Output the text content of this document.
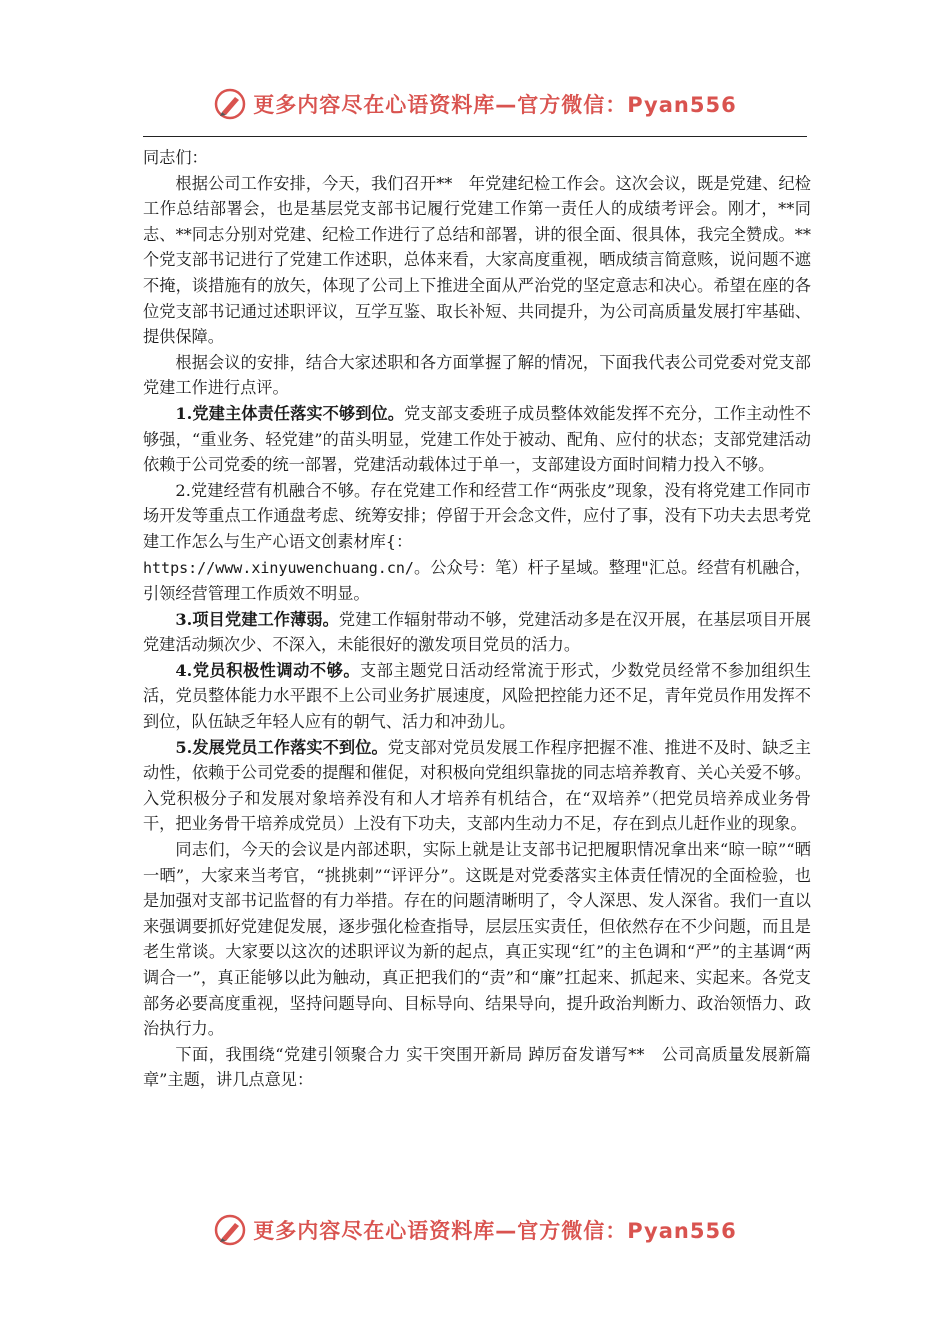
更多内容尽在心语资料库—官方微信：Pyan556

同志们：

根据公司工作安排，今天，我们召开**　年党建纪检工作会。这次会议，既是党建、纪检工作总结部署会，也是基层党支部书记履行党建工作第一责任人的成绩考评会。刚才，**同志、**同志分别对党建、纪检工作进行了总结和部署，讲的很全面、很具体，我完全赞成。**个党支部书记进行了党建工作述职，总体来看，大家高度重视，晒成绩言简意赅，说问题不遮不掩，谈措施有的放矢，体现了公司上下推进全面从严治党的坚定意志和决心。希望在座的各位党支部书记通过述职评议，互学互鉴、取长补短、共同提升，为公司高质量发展打牢基础、提供保障。

根据会议的安排，结合大家述职和各方面掌握了解的情况，下面我代表公司党委对党支部党建工作进行点评。

1.党建主体责任落实不够到位。党支部支委班子成员整体效能发挥不充分，工作主动性不够强，“重业务、轻党建”的苗头明显，党建工作处于被动、配角、应付的状态；支部党建活动依赖于公司党委的统一部署，党建活动载体过于单一，支部建设方面时间精力投入不够。

2.党建经营有机融合不够。存在党建工作和经营工作“两张皮”现象，没有将党建工作同市场开发等重点工作通盘考虑、统筹安排；停留于开会念文件，应付了事，没有下功夫去思考党建工作怎么与生产心语文创素材库{：
https://www.xinyuwenchuang.cn/。公众号：笔）杆子星域。整理"汇总。经营有机融合，引领经营管理工作质效不明显。

3.项目党建工作薄弱。党建工作辐射带动不够，党建活动多是在汉开展，在基层项目开展党建活动频次少、不深入，未能很好的激发项目党员的活力。

4.党员积极性调动不够。支部主题党日活动经常流于形式，少数党员经常不参加组织生活，党员整体能力水平跟不上公司业务扩展速度，风险把控能力还不足，青年党员作用发挥不到位，队伍缺乏年轻人应有的朝气、活力和冲劲儿。

5.发展党员工作落实不到位。党支部对党员发展工作程序把握不准、推进不及时、缺乏主动性，依赖于公司党委的提醒和催促，对积极向党组织靠拢的同志培养教育、关心关爱不够。入党积极分子和发展对象培养没有和人才培养有机结合，在“双培养”（把党员培养成业务骨干，把业务骨干培养成党员）上没有下功夫，支部内生动力不足，存在到点儿赶作业的现象。

同志们，今天的会议是内部述职，实际上就是让支部书记把履职情况拿出来“晾一晾”“晒一晒”，大家来当考官，“挑挑刺”“评评分”。这既是对党委落实主体责任情况的全面检验，也是加强对支部书记监督的有力举措。存在的问题清晰明了，令人深思、发人深省。我们一直以来强调要抓好党建促发展，逐步强化检查指导，层层压实责任，但依然存在不少问题，而且是老生常谈。大家要以这次的述职评议为新的起点，真正实现“红”的主色调和“严”的主基调“两调合一”，真正能够以此为触动，真正把我们的“责”和“廉”扛起来、抓起来、实起来。各党支部务必要高度重视，坚持问题导向、目标导向、结果导向，提升政治判断力、政治领悟力、政治执行力。

下面，我围绕“党建引领聚合力 实干突围开新局 踔厉奋发谱写**　公司高质量发展新篇章”主题，讲几点意见：

更多内容尽在心语资料库—官方微信：Pyan556
